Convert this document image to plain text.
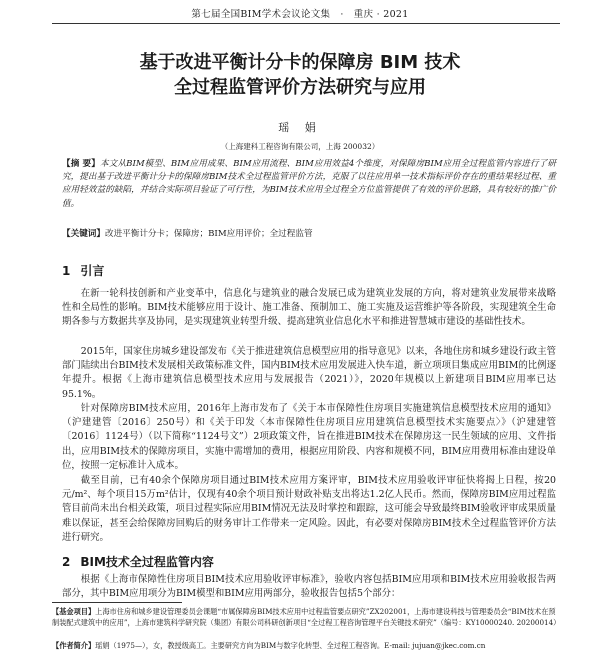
第七届全国BIM学术会议论文集 · 重庆 · 2021
基于改进平衡计分卡的保障房 BIM 技术
全过程监管评价方法研究与应用
瑶 娟
（上海建科工程咨询有限公司，上海 200032）
【摘 要】本文从BIM模型、BIM应用成果、BIM应用流程、BIM应用效益4个维度，对保障房BIM应用全过程监管内容进行了研究，提出基于改进平衡计分卡的保障房BIM技术全过程监管评价方法，克服了以往应用单一技术指标评价存在的重结果轻过程、重应用轻效益的缺陷，并结合实际项目验证了可行性，为BIM技术应用全过程全方位监管提供了有效的评价思路，具有较好的推广价值。
【关键词】改进平衡计分卡；保障房；BIM应用评价；全过程监管
1 引言
在新一轮科技创新和产业变革中，信息化与建筑业的融合发展已成为建筑业发展的方向，将对建筑业发展带来战略性和全局性的影响。BIM技术能够应用于设计、施工准备、预制加工、施工实施及运营维护等各阶段，实现建筑全生命期各参与方数据共享及协同，是实现建筑业转型升级、提高建筑业信息化水平和推进智慧城市建设的基础性技术。
2015年，国家住房城乡建设部发布《关于推进建筑信息模型应用的指导意见》以来，各地住房和城乡建设行政主管部门陆续出台BIM技术发展相关政策标准文件，国内BIM技术应用发展进入快车道，新立项项目集成应用BIM的比例逐年提升。根据《上海市建筑信息模型技术应用与发展报告（2021）》，2020年规模以上新建项目BIM应用率已达95.1%。
针对保障房BIM技术应用，2016年上海市发布了《关于本市保障性住房项目实施建筑信息模型技术应用的通知》（沪建建管〔2016〕250号）和《关于印发〈本市保障性住房项目应用建筑信息模型技术实施要点〉》（沪建建管〔2016〕1124号）（以下简称“1124号文”）2项政策文件，旨在推进BIM技术在保障房这一民生领域的应用、文件指出，应用BIM技术的保障房项目，实施中需增加的费用，根据应用阶段、内容和规模不同，BIM应用费用标准由建设单位，按照一定标准计入成本。
截至目前，已有40余个保障房项目通过BIM技术应用方案评审，BIM技术应用验收评审征快将揭上日程，按20元/m²、每个项目15万m²估计，仅现有40余个项目预计财政补贴支出将达1.2亿人民币。然而，保障房BIM应用过程监管目前尚未出台相关政策，项目过程实际应用BIM情况无法及时掌控和跟踪，这可能会导致最终BIM验收评审成果质量难以保证，甚至会给保障房回购后的财务审计工作带来一定风险。因此，有必要对保障房BIM技术全过程监管评价方法进行研究。
2 BIM技术全过程监管内容
根据《上海市保障性住房项目BIM技术应用验收评审标准》，验收内容包括BIM应用项和BIM技术应用验收报告两部分，其中BIM应用项分为BIM模型和BIM应用两部分，验收报告包括5个部分：
【基金项目】上海市住房和城乡建设管理委员会课题“市属保障房BIM技术应用中过程监管要点研究”ZX202001，上海市建设科技与管理委员会“BIM技术在预制装配式建筑中的应用”，上海市建筑科学研究院（集团）有限公司科研创新项目“全过程工程咨询管理平台关键技术研究”（编号：KY10000240. 20200014）
【作者简介】瑶娟（1975—），女，教授级高工。主要研究方向为BIM与数字化转型、全过程工程咨询。E-mail: jujuan@jkec.com.cn
